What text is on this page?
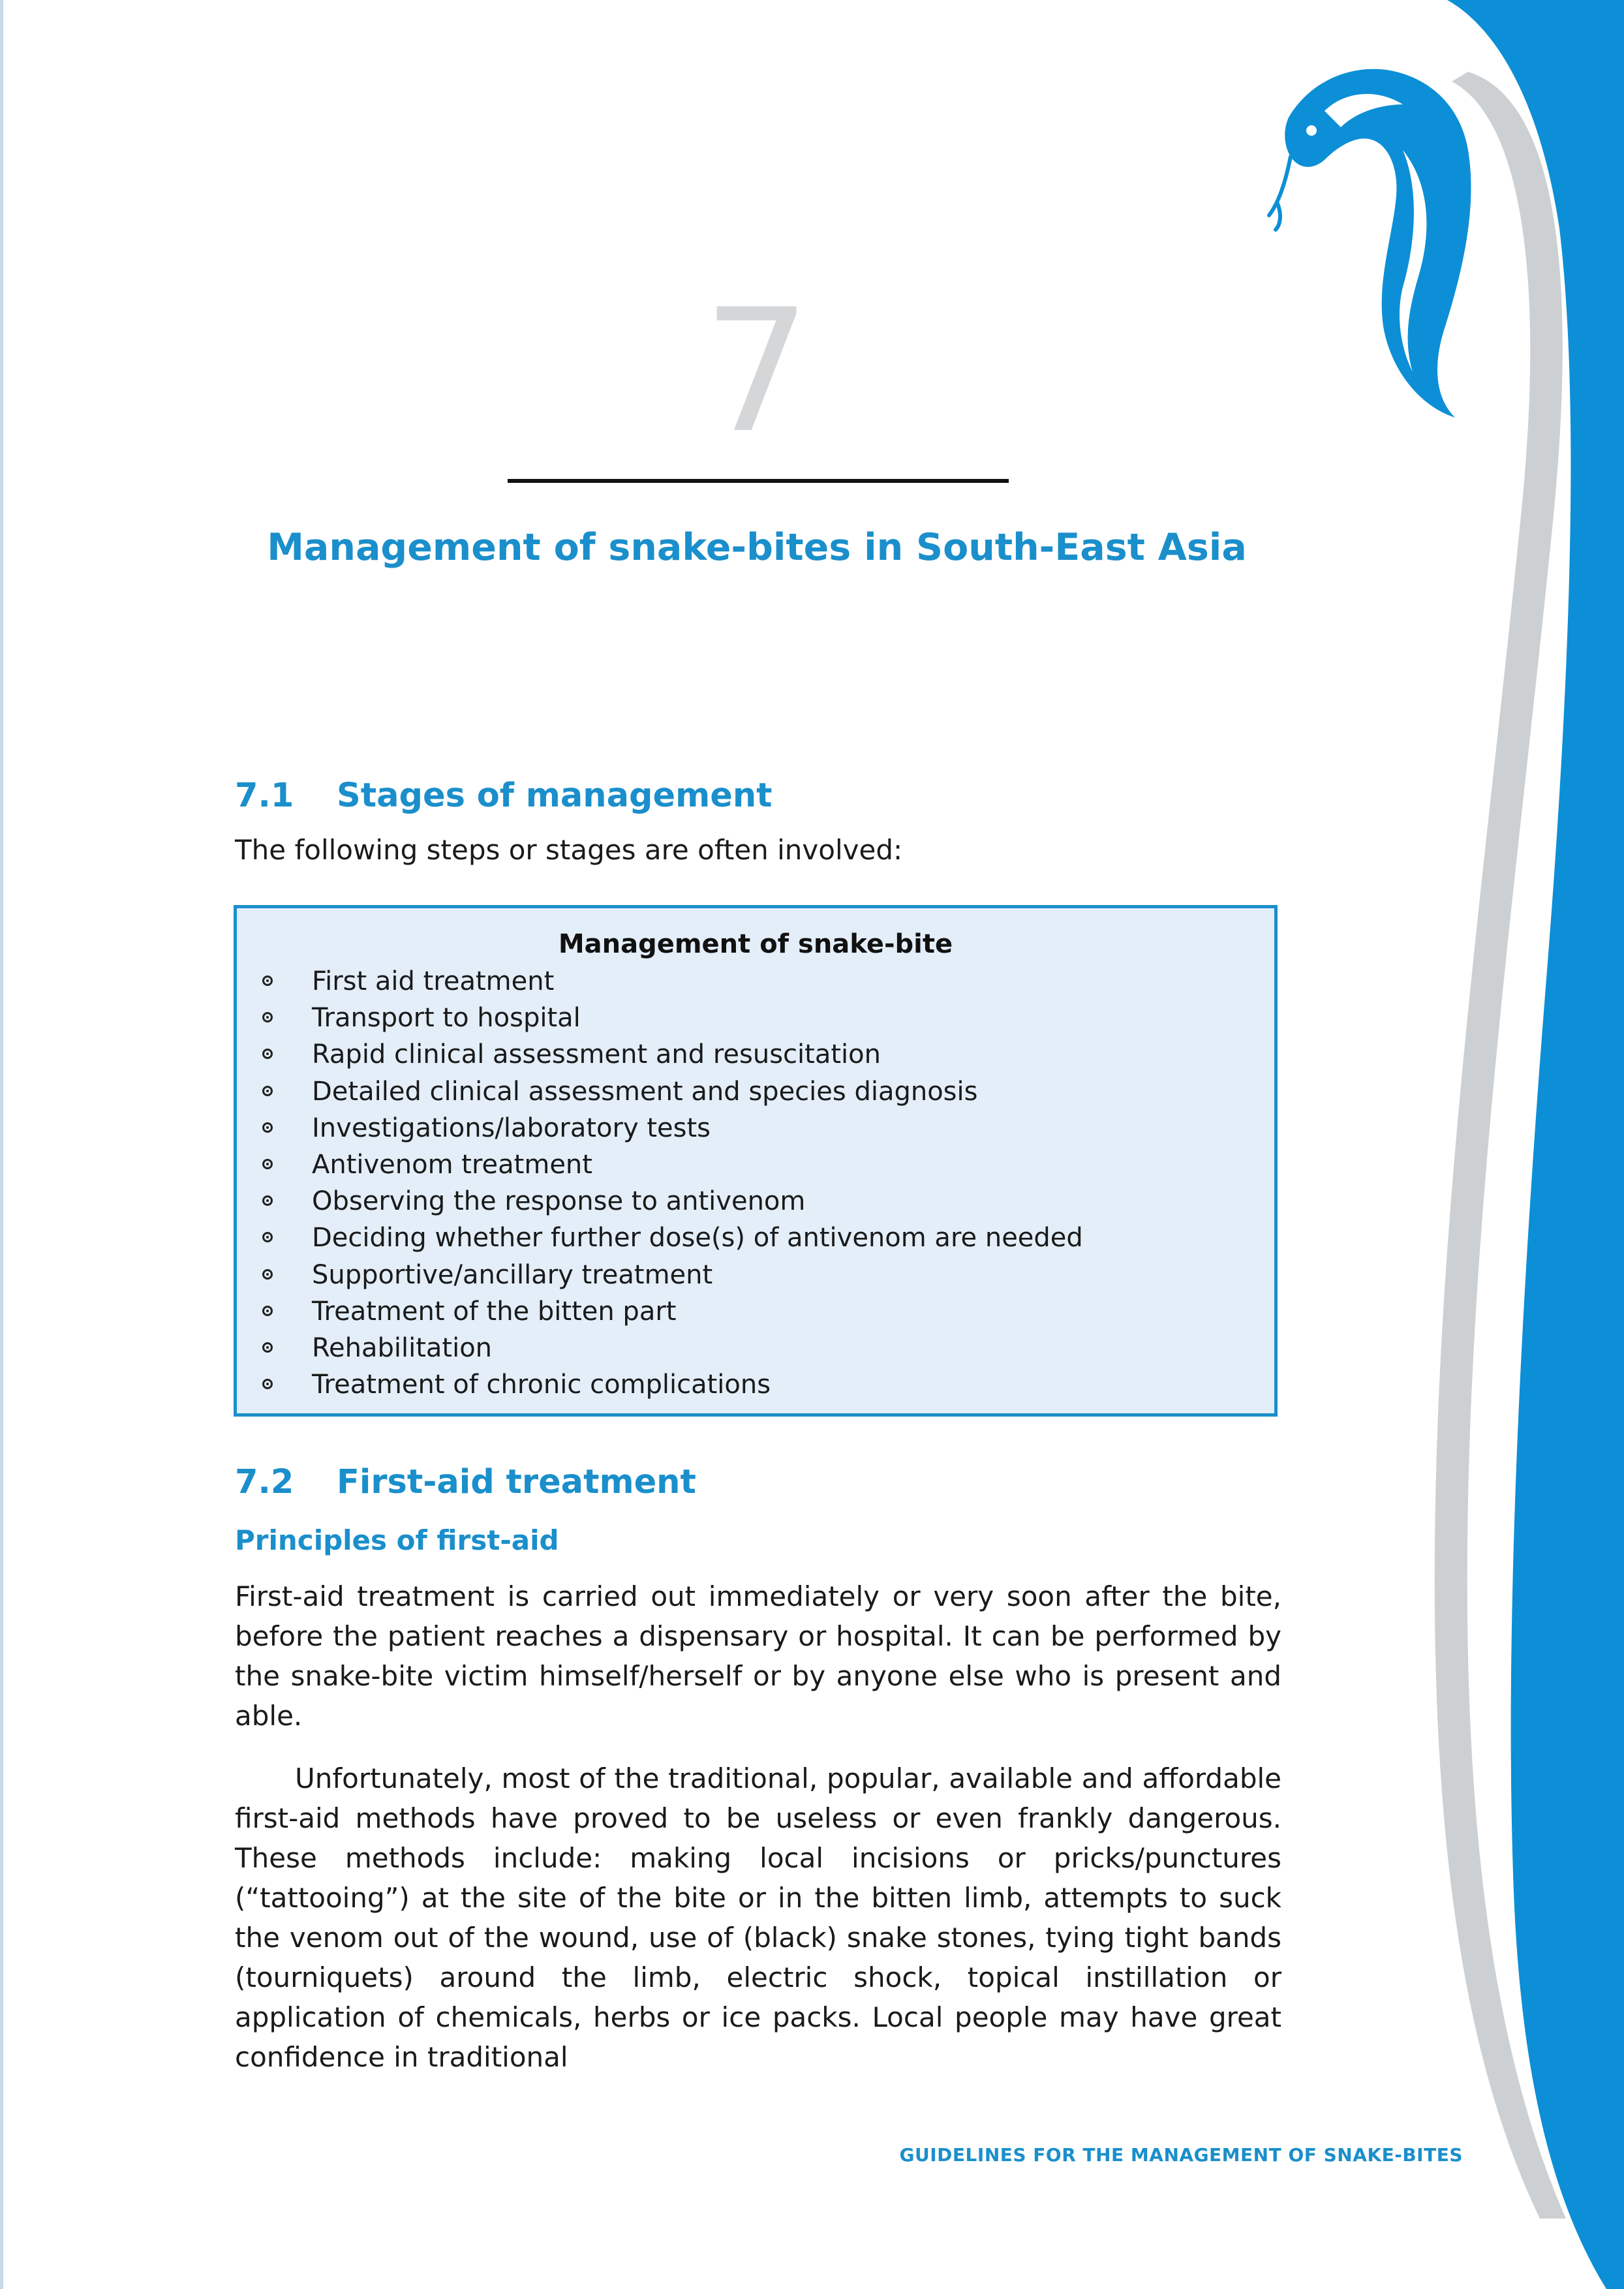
7
Management of snake-bites in South-East Asia
7.1 Stages of management
The following steps or stages are often involved:
Management of snake-bite
First aid treatment
Transport to hospital
Rapid clinical assessment and resuscitation
Detailed clinical assessment and species diagnosis
Investigations/laboratory tests
Antivenom treatment
Observing the response to antivenom
Deciding whether further dose(s) of antivenom are needed
Supportive/ancillary treatment
Treatment of the bitten part
Rehabilitation
Treatment of chronic complications
7.2 First-aid treatment
Principles of first-aid

First-aid treatment is carried out immediately or very soon after the bite, before the patient reaches a dispensary or hospital. It can be performed by the snake-bite victim himself/herself or by anyone else who is present and able.

Unfortunately, most of the traditional, popular, available and affordable first-aid methods have proved to be useless or even frankly dangerous. These methods include: making local incisions or pricks/punctures (“tattooing”) at the site of the bite or in the bitten limb, attempts to suck the venom out of the wound, use of (black) snake stones, tying tight bands (tourniquets) around the limb, electric shock, topical instillation or application of chemicals, herbs or ice packs. Local people may have great confidence in traditional

GUIDELINES FOR THE MANAGEMENT OF SNAKE-BITES
